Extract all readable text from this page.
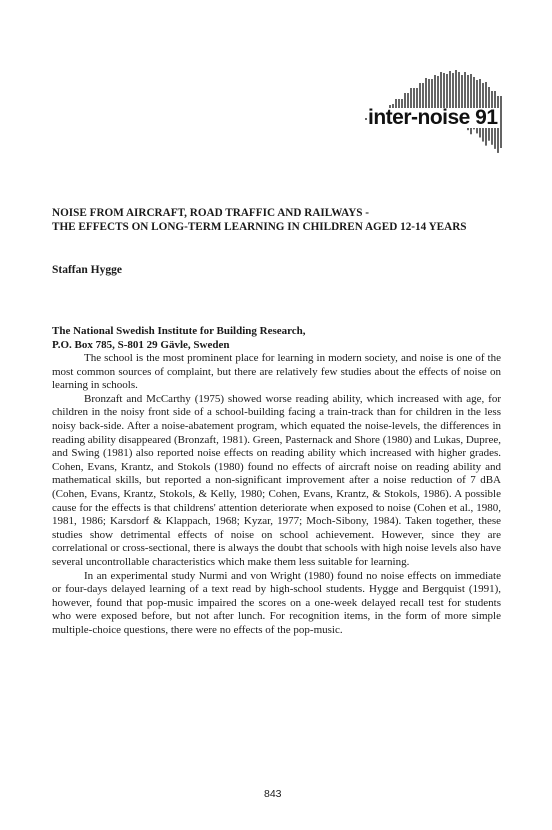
inter-noise 91
NOISE FROM AIRCRAFT, ROAD TRAFFIC AND RAILWAYS -
THE EFFECTS ON LONG-TERM LEARNING IN CHILDREN AGED 12-14 YEARS

Staffan Hygge

The National Swedish Institute for Building Research,
P.O. Box 785, S-801 29 Gävle, Sweden

The school is the most prominent place for learning in modern society, and noise is one of the most common sources of complaint, but there are relatively few studies about the effects of noise on learning in schools.

Bronzaft and McCarthy (1975) showed worse reading ability, which increased with age, for children in the noisy front side of a school-building facing a train-track than for children in the less noisy back-side. After a noise-abatement program, which equated the noise-levels, the differences in reading ability disappeared (Bronzaft, 1981). Green, Pasternack and Shore (1980) and Lukas, Dupree, and Swing (1981) also reported noise effects on reading ability which increased with higher grades. Cohen, Evans, Krantz, and Stokols (1980) found no effects of aircraft noise on reading ability and mathematical skills, but reported a non-significant improvement after a noise reduction of 7 dBA (Cohen, Evans, Krantz, Stokols, & Kelly, 1980; Cohen, Evans, Krantz, & Stokols, 1986). A possible cause for the effects is that childrens' attention deteriorate when exposed to noise (Cohen et al., 1980, 1981, 1986; Karsdorf & Klappach, 1968; Kyzar, 1977; Moch-Sibony, 1984). Taken together, these studies show detrimental effects of noise on school achievement. However, since they are correlational or cross-sectional, there is always the doubt that schools with high noise levels also have several uncontrollable characteristics which make them less suitable for learning.

In an experimental study Nurmi and von Wright (1980) found no noise effects on immediate or four-days delayed learning of a text read by high-school students. Hygge and Bergquist (1991), however, found that pop-music impaired the scores on a one-week delayed recall test for students who were exposed before, but not after lunch. For recognition items, in the form of more simple multiple-choice questions, there were no effects of the pop-music.

843
